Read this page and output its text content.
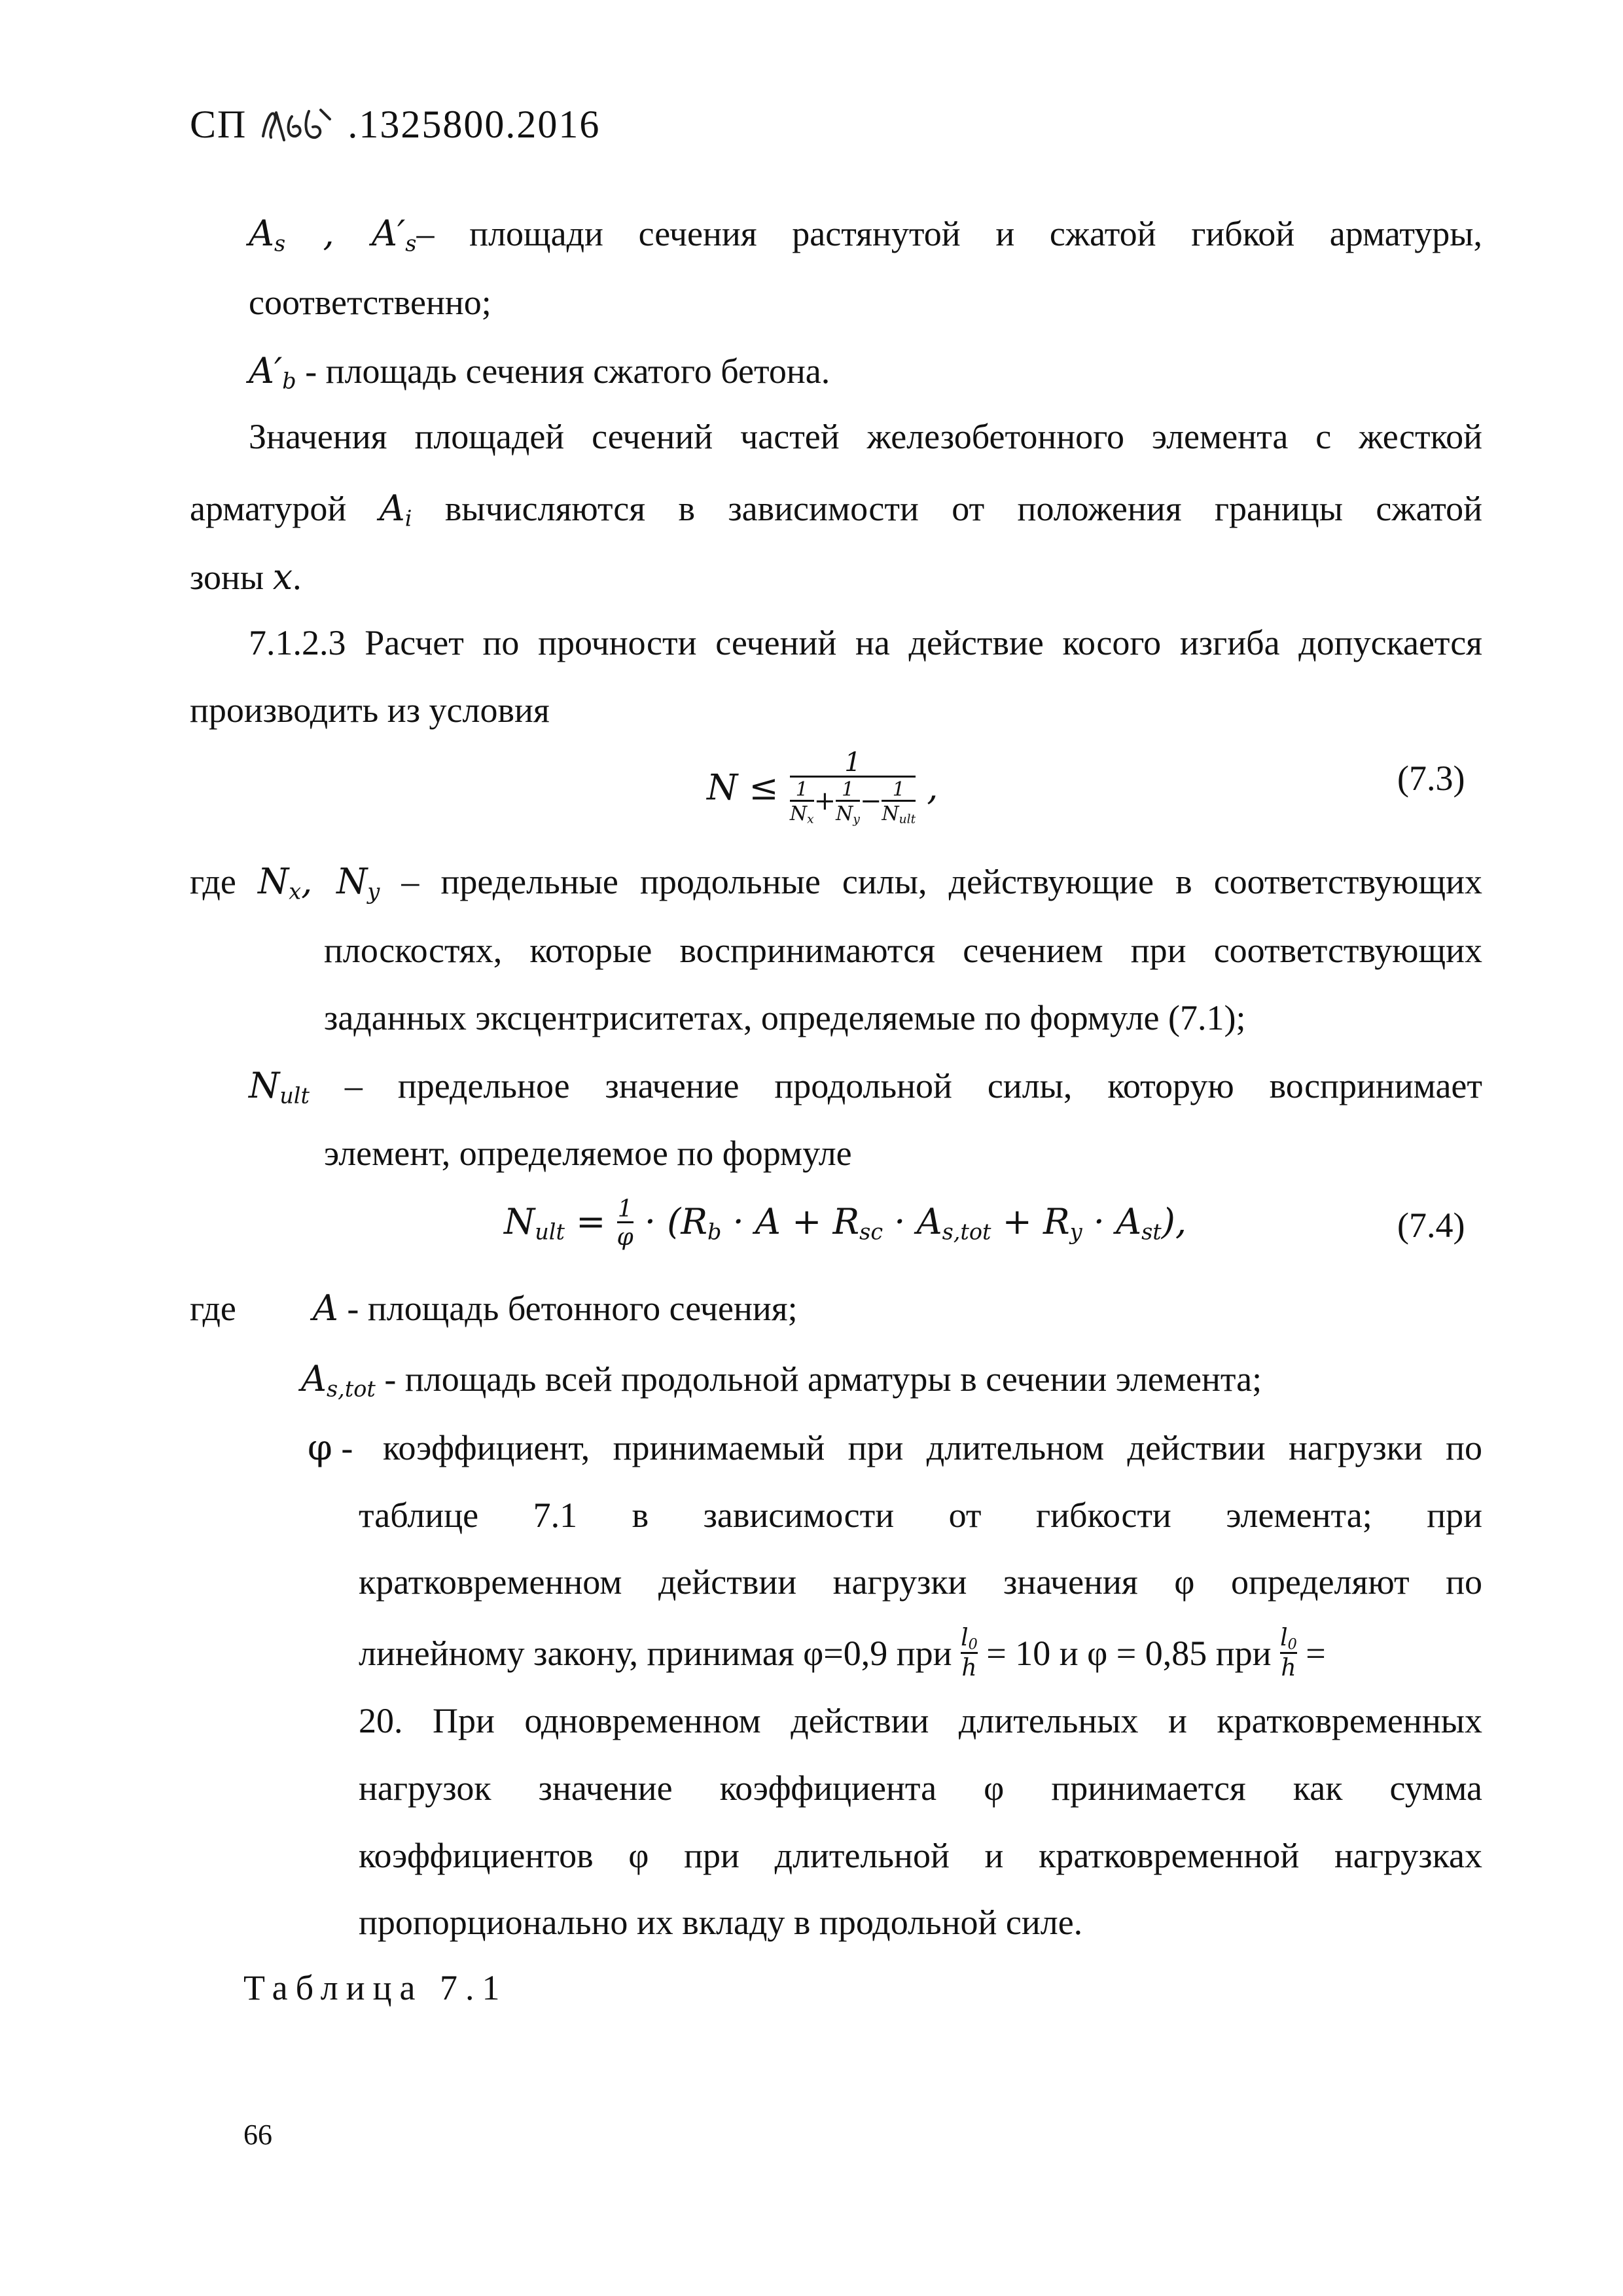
СП	.1325800.2016
$A_s$ , $A'_s-$ площади сечения растянутой и сжатой гибкой арматуры,
соответственно;
$A'_b$ - площадь сечения сжатого бетона.
Значения площадей сечений частей железобетонного элемента с жесткой
арматурой $A_i$ вычисляются в зависимости от положения границы сжатой
зоны x.
7.1.2.3 Расчет по прочности сечений на действие косого изгиба допускается
производить из условия
$N \le \frac{1}{\frac{1}{N_x} + \frac{1}{N_y} - \frac{1}{N_{ult}}}$ ,	(7.3)
где $N_x$, $N_y$ – предельные продольные силы, действующие в соответствующих
плоскостях, которые воспринимаются сечением при соответствующих
заданных эксцентриситетах, определяемые по формуле (7.1);
$N_{ult}$ – предельное значение продольной силы, которую воспринимает
элемент, определяемое по формуле
$N_{ult} = \frac{1}{\varphi} \cdot (R_b \cdot A + R_{sc} \cdot A_{s,tot} + R_y \cdot A_{st})$,	(7.4)
где A - площадь бетонного сечения;
$A_{s,tot}$ - площадь всей продольной арматуры в сечении элемента;
φ - коэффициент, принимаемый при длительном действии нагрузки по
таблице 7.1 в зависимости от гибкости элемента; при
кратковременном действии нагрузки значения φ определяют по
линейному закону, принимая φ=0,9 при $\frac{l_0}{h} = 10$ и φ = 0,85 при $\frac{l_0}{h}$ =
20. При одновременном действии длительных и кратковременных
нагрузок значение коэффициента φ принимается как сумма
коэффициентов φ при длительной и кратковременной нагрузках
пропорционально их вкладу в продольной силе.
Таблица 7.1
66
